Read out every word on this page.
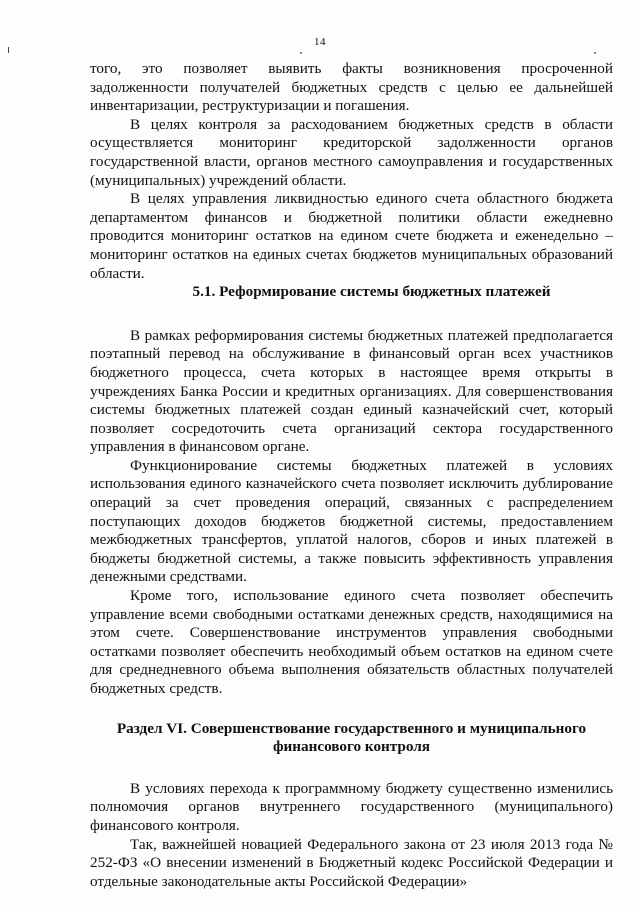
14

того, это позволяет выявить факты возникновения просроченной задолженности получателей бюджетных средств с целью ее дальнейшей инвентаризации, реструктуризации и погашения.

В целях контроля за расходованием бюджетных средств в области осуществляется мониторинг кредиторской задолженности органов государственной власти, органов местного самоуправления и государственных (муниципальных) учреждений области.

В целях управления ликвидностью единого счета областного бюджета департаментом финансов и бюджетной политики области ежедневно проводится мониторинг остатков на едином счете бюджета и еженедельно – мониторинг остатков на единых счетах бюджетов муниципальных образований области.

5.1. Реформирование системы бюджетных платежей

В рамках реформирования системы бюджетных платежей предполагается поэтапный перевод на обслуживание в финансовый орган всех участников бюджетного процесса, счета которых в настоящее время открыты в учреждениях Банка России и кредитных организациях. Для совершенствования системы бюджетных платежей создан единый казначейский счет, который позволяет сосредоточить счета организаций сектора государственного управления в финансовом органе.

Функционирование системы бюджетных платежей в условиях использования единого казначейского счета позволяет исключить дублирование операций за счет проведения операций, связанных с распределением поступающих доходов бюджетов бюджетной системы, предоставлением межбюджетных трансфертов, уплатой налогов, сборов и иных платежей в бюджеты бюджетной системы, а также повысить эффективность управления денежными средствами.

Кроме того, использование единого счета позволяет обеспечить управление всеми свободными остатками денежных средств, находящимися на этом счете. Совершенствование инструментов управления свободными остатками позволяет обеспечить необходимый объем остатков на едином счете для среднедневного объема выполнения обязательств областных получателей бюджетных средств.

Раздел VI. Совершенствование государственного и муниципального
финансового контроля

В условиях перехода к программному бюджету существенно изменились полномочия органов внутреннего государственного (муниципального) финансового контроля.

Так, важнейшей новацией Федерального закона от 23 июля 2013 года № 252-ФЗ «О внесении изменений в Бюджетный кодекс Российской Федерации и отдельные законодательные акты Российской Федерации»
